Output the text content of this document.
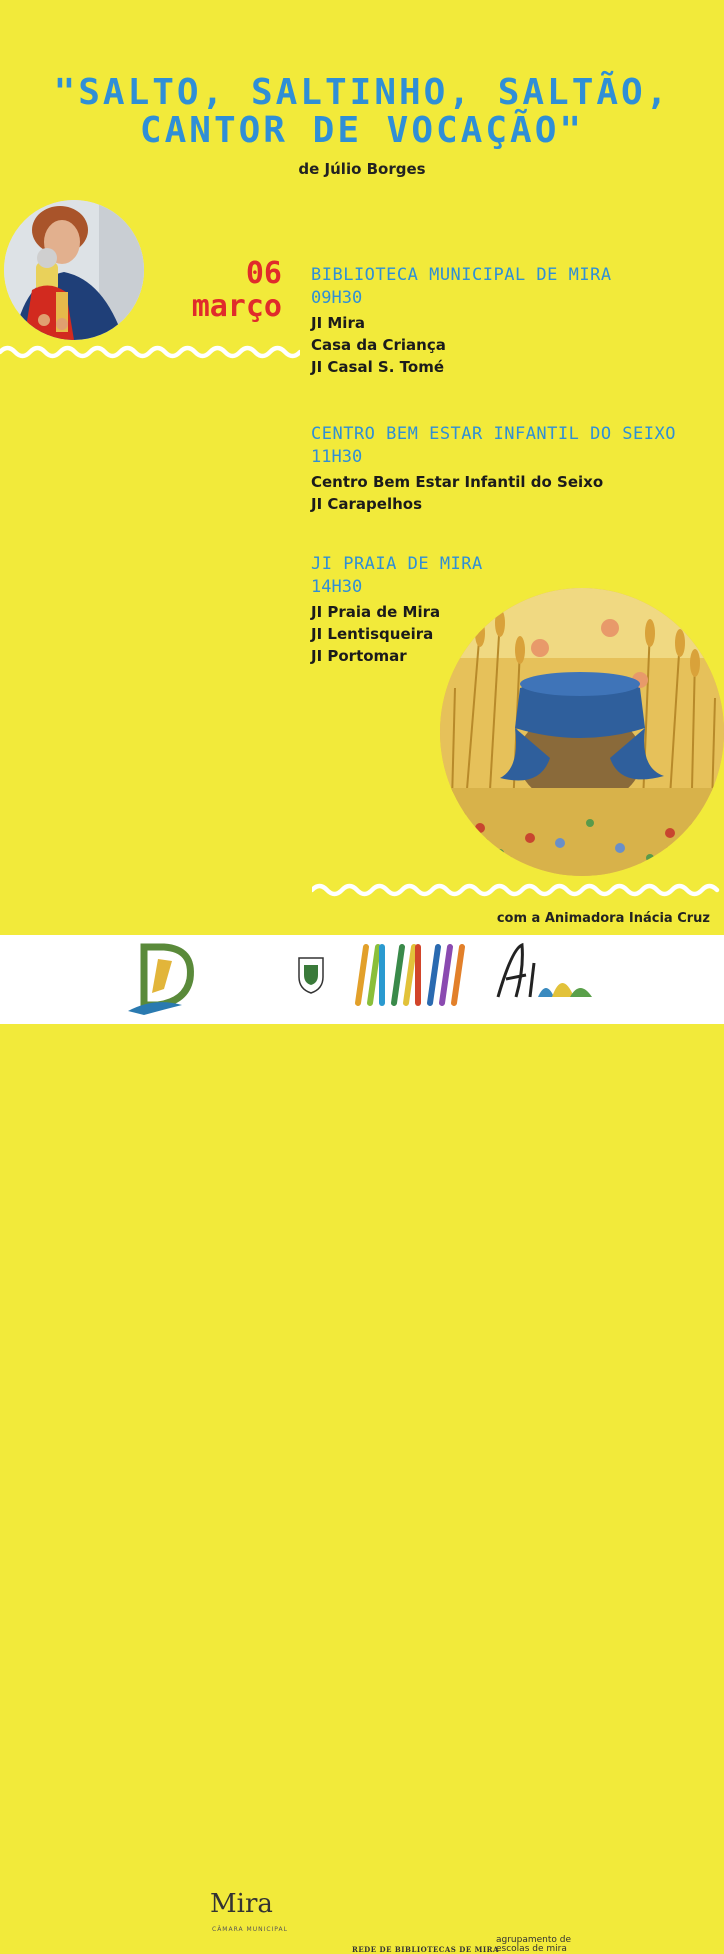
"SALTO, SALTINHO, SALTÃO,
CANTOR DE VOCAÇÃO"
de Júlio Borges
06
março
BIBLIOTECA MUNICIPAL DE MIRA
09H30
JI Mira
Casa da Criança
JI Casal S. Tomé
CENTRO BEM ESTAR INFANTIL DO SEIXO
11H30
Centro Bem Estar Infantil do Seixo
JI Carapelhos
JI PRAIA DE MIRA
14H30
JI Praia de Mira
JI Lentisqueira
JI Portomar
com a Animadora Inácia Cruz
Mira
CÂMARA MUNICIPAL
REDE DE BIBLIOTECAS DE MIRA
agrupamento de
escolas de mira
